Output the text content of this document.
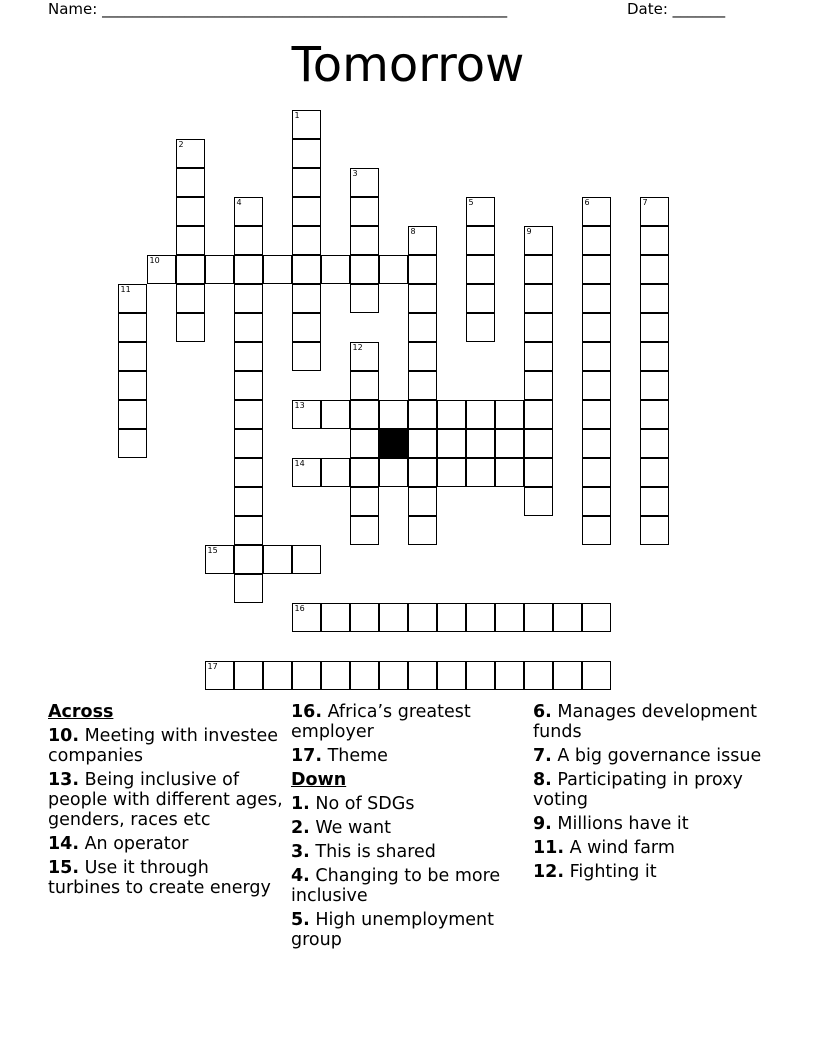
Name: ______________________________________________________	Date: _______
Tomorrow
1
2
3
4	5	6	7
8	9
10
11
12
13
14
15
16
17
Across
10. Meeting with investee companies
13. Being inclusive of people with different ages, genders, races etc
14. An operator
15. Use it through turbines to create energy
16. Africa’s greatest employer
17. Theme
Down
1. No of SDGs
2. We want
3. This is shared
4. Changing to be more inclusive
5. High unemployment group
6. Manages development funds
7. A big governance issue
8. Participating in proxy voting
9. Millions have it
11. A wind farm
12. Fighting it
